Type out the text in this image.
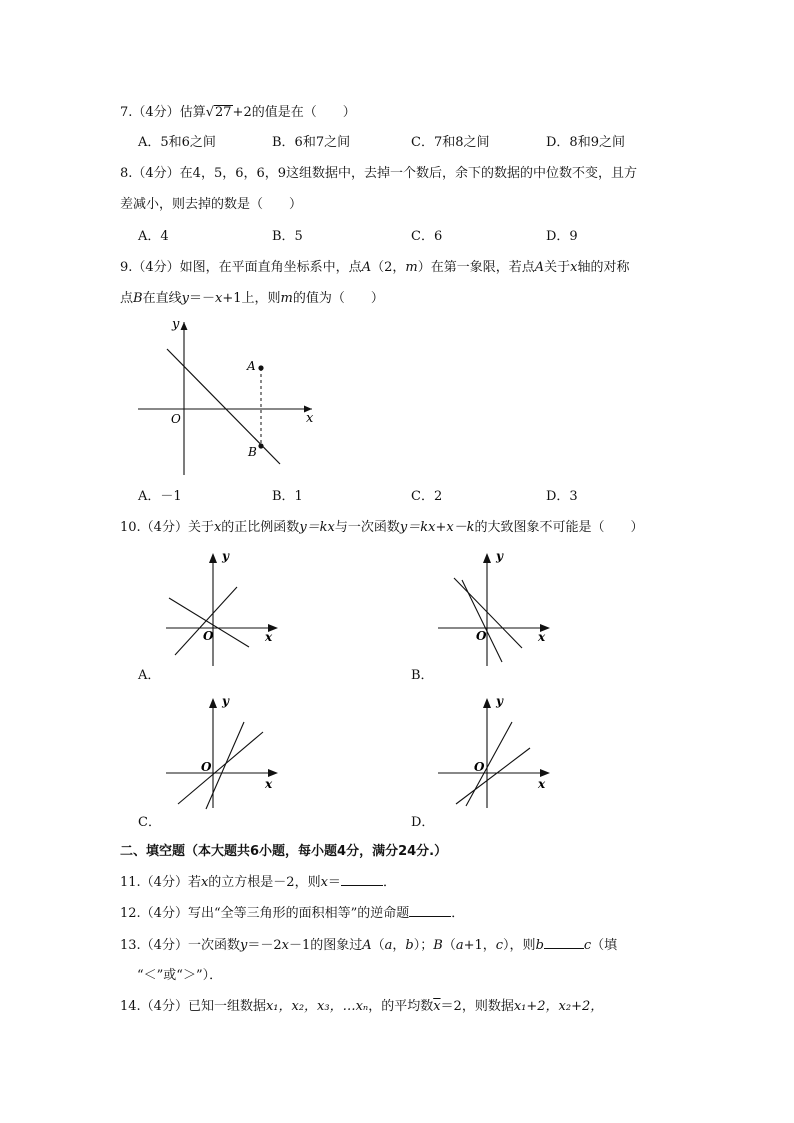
7.（4分）估算√27+2的值是在（　　）
A．5和6之间	B．6和7之间	C．7和8之间	D．8和9之间
8.（4分）在4，5，6，6，9这组数据中，去掉一个数后，余下的数据的中位数不变，且方
差减小，则去掉的数是（　　）
A．4	B．5	C．6	D．9
9.（4分）如图，在平面直角坐标系中，点A（2，m）在第一象限，若点A关于x轴的对称
点B在直线y＝－x+1上，则m的值为（　　）
y
x
O
A
B
A．－1	B．1	C．2	D．3
10.（4分）关于x的正比例函数y＝kx与一次函数y＝kx+x－k的大致图象不可能是（　　）
y
x
O
y
x
O
y
x
O
y
x
O
A．	B．
C．	D．
二、填空题（本大题共6小题，每小题4分，满分24分.）
11.（4分）若x的立方根是－2，则x＝	．
12.（4分）写出“全等三角形的面积相等”的逆命题	．
13.（4分）一次函数y＝－2x－1的图象过A（a，b）；B（a+1，c），则b	c（填
“＜”或“＞”）．
14.（4分）已知一组数据x₁，x₂，x₃，…xₙ，的平均数$\overline{x}=2$，则数据x₁+2，x₂+2，
